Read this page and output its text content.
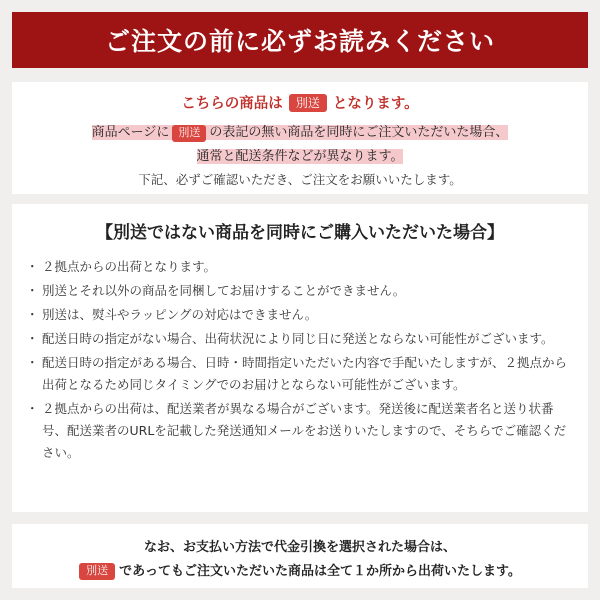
ご注文の前に必ずお読みください
こちらの商品は 別送 となります。
商品ページに 別送 の表記の無い商品を同時にご注文いただいた場合、
通常と配送条件などが異なります。
下記、必ずご確認いただき、ご注文をお願いいたします。
【別送ではない商品を同時にご購入いただいた場合】
・ ２拠点からの出荷となります。
・ 別送とそれ以外の商品を同梱してお届けすることができません。
・ 別送は、熨斗やラッピングの対応はできません。
・ 配送日時の指定がない場合、出荷状況により同じ日に発送とならない可能性がございます。
・ 配送日時の指定がある場合、日時・時間指定いただいた内容で手配いたしますが、２拠点から出荷となるため同じタイミングでのお届けとならない可能性がございます。
・ ２拠点からの出荷は、配送業者が異なる場合がございます。発送後に配送業者名と送り状番号、配送業者のURLを記載した発送通知メールをお送りいたしますので、そちらでご確認ください。
なお、お支払い方法で代金引換を選択された場合は、
別送 であってもご注文いただいた商品は全て１か所から出荷いたします。
